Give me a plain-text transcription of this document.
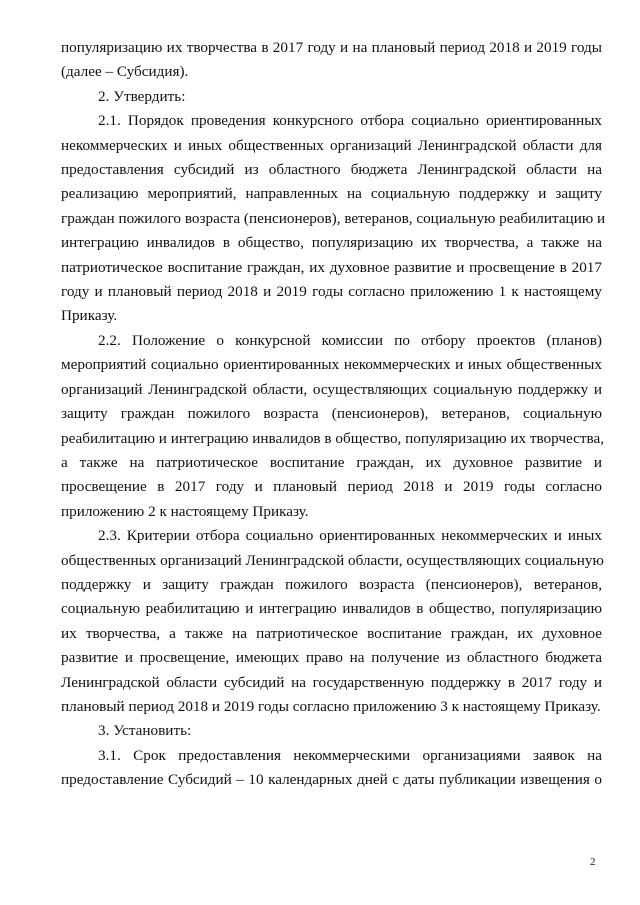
популяризацию их творчества в 2017 году и на плановый период 2018 и 2019 годы

(далее – Субсидия).

2. Утвердить:

2.1. Порядок проведения конкурсного отбора социально ориентированных

некоммерческих и иных общественных организаций Ленинградской области для

предоставления субсидий из областного бюджета Ленинградской области на

реализацию мероприятий, направленных на социальную поддержку и защиту

граждан пожилого возраста (пенсионеров), ветеранов, социальную реабилитацию и

интеграцию инвалидов в общество, популяризацию их творчества, а также на

патриотическое воспитание граждан, их духовное развитие и просвещение в 2017

году и плановый период 2018 и 2019 годы согласно приложению 1 к настоящему

Приказу.

2.2. Положение о конкурсной комиссии по отбору проектов (планов)

мероприятий социально ориентированных некоммерческих и иных общественных

организаций Ленинградской области, осуществляющих социальную поддержку и

защиту граждан пожилого возраста (пенсионеров), ветеранов, социальную

реабилитацию и интеграцию инвалидов в общество, популяризацию их творчества,

а также на патриотическое воспитание граждан, их духовное развитие и

просвещение в 2017 году и плановый период 2018 и 2019 годы согласно

приложению 2 к настоящему Приказу.

2.3. Критерии отбора социально ориентированных некоммерческих и иных

общественных организаций Ленинградской области, осуществляющих социальную

поддержку и защиту граждан пожилого возраста (пенсионеров), ветеранов,

социальную реабилитацию и интеграцию инвалидов в общество, популяризацию

их творчества, а также на патриотическое воспитание граждан, их духовное

развитие и просвещение, имеющих право на получение из областного бюджета

Ленинградской области субсидий на государственную поддержку в 2017 году и

плановый период 2018 и 2019 годы согласно приложению 3 к настоящему Приказу.

3. Установить:

3.1. Срок предоставления некоммерческими организациями заявок на

предоставление Субсидий – 10 календарных дней с даты публикации извещения о

2
